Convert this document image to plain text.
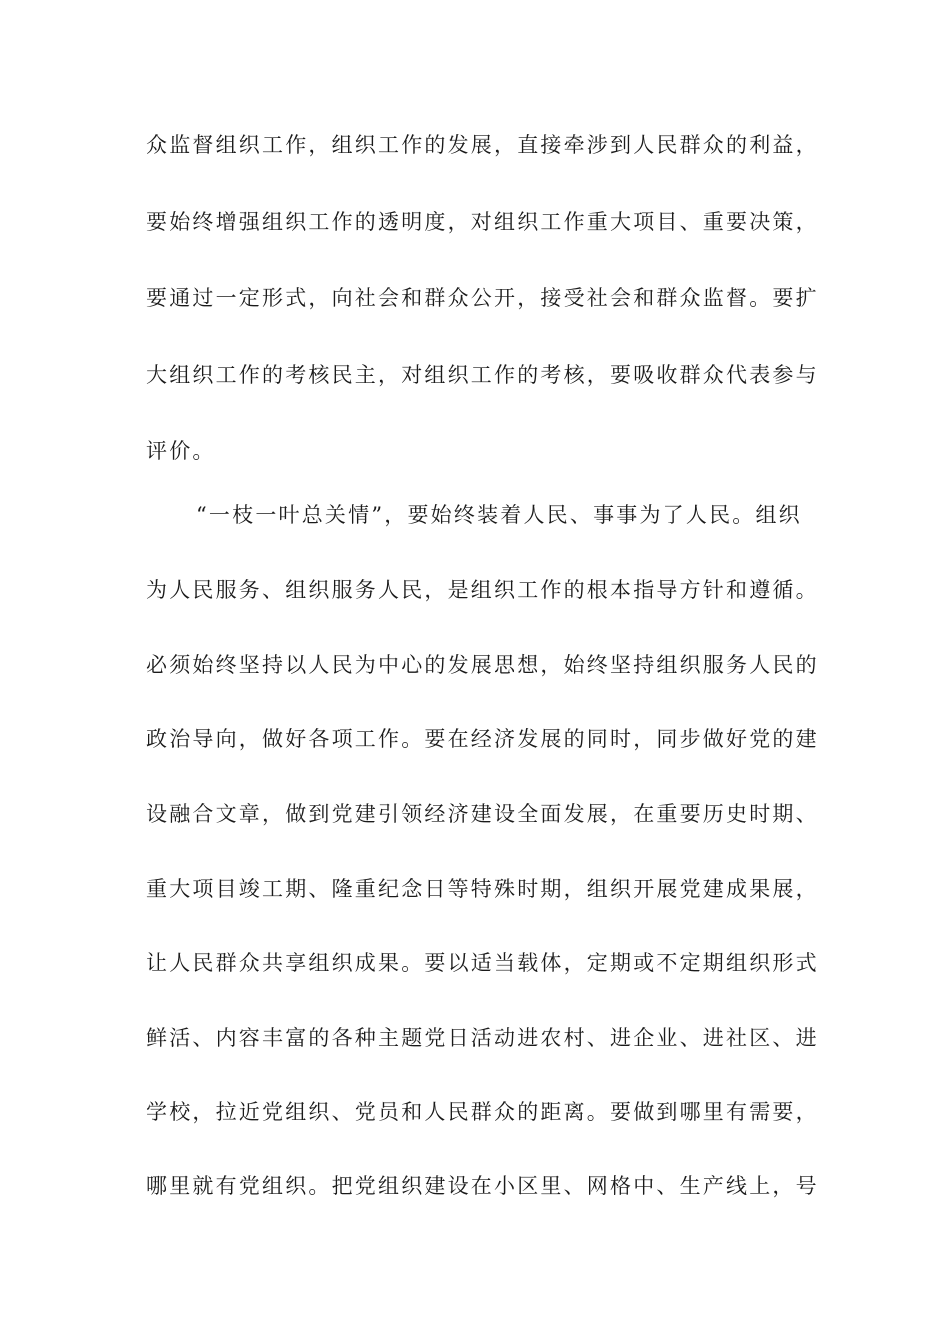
众监督组织工作，组织工作的发展，直接牵涉到人民群众的利益，
要始终增强组织工作的透明度，对组织工作重大项目、重要决策，
要通过一定形式，向社会和群众公开，接受社会和群众监督。要扩
大组织工作的考核民主，对组织工作的考核，要吸收群众代表参与
评价。
“一枝一叶总关情”，要始终装着人民、事事为了人民。组织
为人民服务、组织服务人民，是组织工作的根本指导方针和遵循。
必须始终坚持以人民为中心的发展思想，始终坚持组织服务人民的
政治导向，做好各项工作。要在经济发展的同时，同步做好党的建
设融合文章，做到党建引领经济建设全面发展，在重要历史时期、
重大项目竣工期、隆重纪念日等特殊时期，组织开展党建成果展，
让人民群众共享组织成果。要以适当载体，定期或不定期组织形式
鲜活、内容丰富的各种主题党日活动进农村、进企业、进社区、进
学校，拉近党组织、党员和人民群众的距离。要做到哪里有需要，
哪里就有党组织。把党组织建设在小区里、网格中、生产线上，号
